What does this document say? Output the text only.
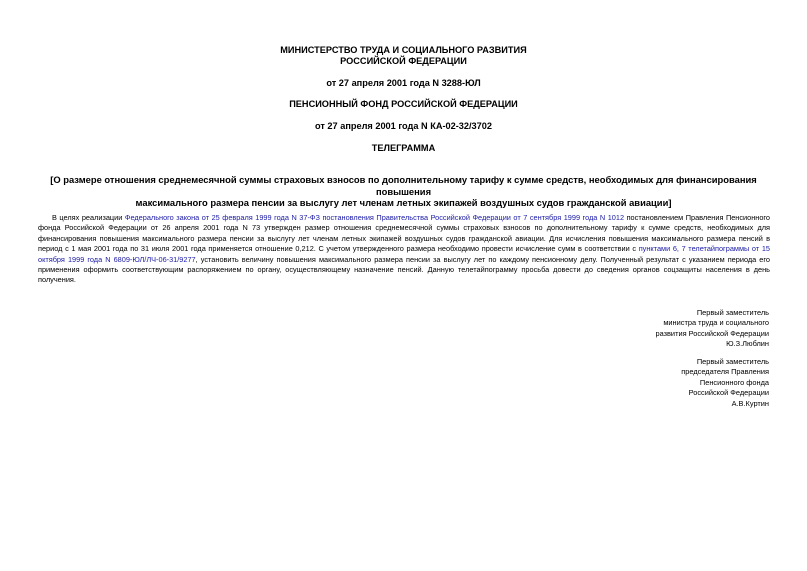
МИНИСТЕРСТВО ТРУДА И СОЦИАЛЬНОГО РАЗВИТИЯ
РОССИЙСКОЙ ФЕДЕРАЦИИ
от 27 апреля 2001 года N 3288-ЮЛ
ПЕНСИОННЫЙ ФОНД РОССИЙСКОЙ ФЕДЕРАЦИИ
от 27 апреля 2001 года N КА-02-32/3702
ТЕЛЕГРАММА
[О размере отношения среднемесячной суммы страховых взносов по дополнительному тарифу к сумме средств, необходимых для финансирования повышения
максимального размера пенсии за выслугу лет членам летных экипажей воздушных судов гражданской авиации]
В целях реализации Федерального закона от 25 февраля 1999 года N 37-ФЗ постановления Правительства Российской Федерации от 7 сентября 1999 года N 1012 постановлением Правления Пенсионного фонда Российской Федерации от 26 апреля 2001 года N 73 утвержден размер отношения среднемесячной суммы страховых взносов по дополнительному тарифу к сумме средств, необходимых для финансирования повышения максимального размера пенсии за выслугу лет членам летных экипажей воздушных судов гражданской авиации. Для исчисления повышения максимального размера пенсий в период с 1 мая 2001 года по 31 июля 2001 года применяется отношение 0,212. С учетом утвержденного размера необходимо провести исчисление сумм в соответствии с пунктами 6, 7 телетайпограммы от 15 октября 1999 года N 6809-ЮЛ/ЛЧ-06-31/9277, установить величину повышения максимального размера пенсии за выслугу лет по каждому пенсионному делу. Полученный результат с указанием периода его применения оформить соответствующим распоряжением по органу, осуществляющему назначение пенсий. Данную телетайпограмму просьба довести до сведения органов соцзащиты населения в день получения.
Первый заместитель
министра труда и социального
развития Российской Федерации
Ю.З.Люблин
Первый заместитель
председателя Правления
Пенсионного фонда
Российской Федерации
А.В.Куртин
